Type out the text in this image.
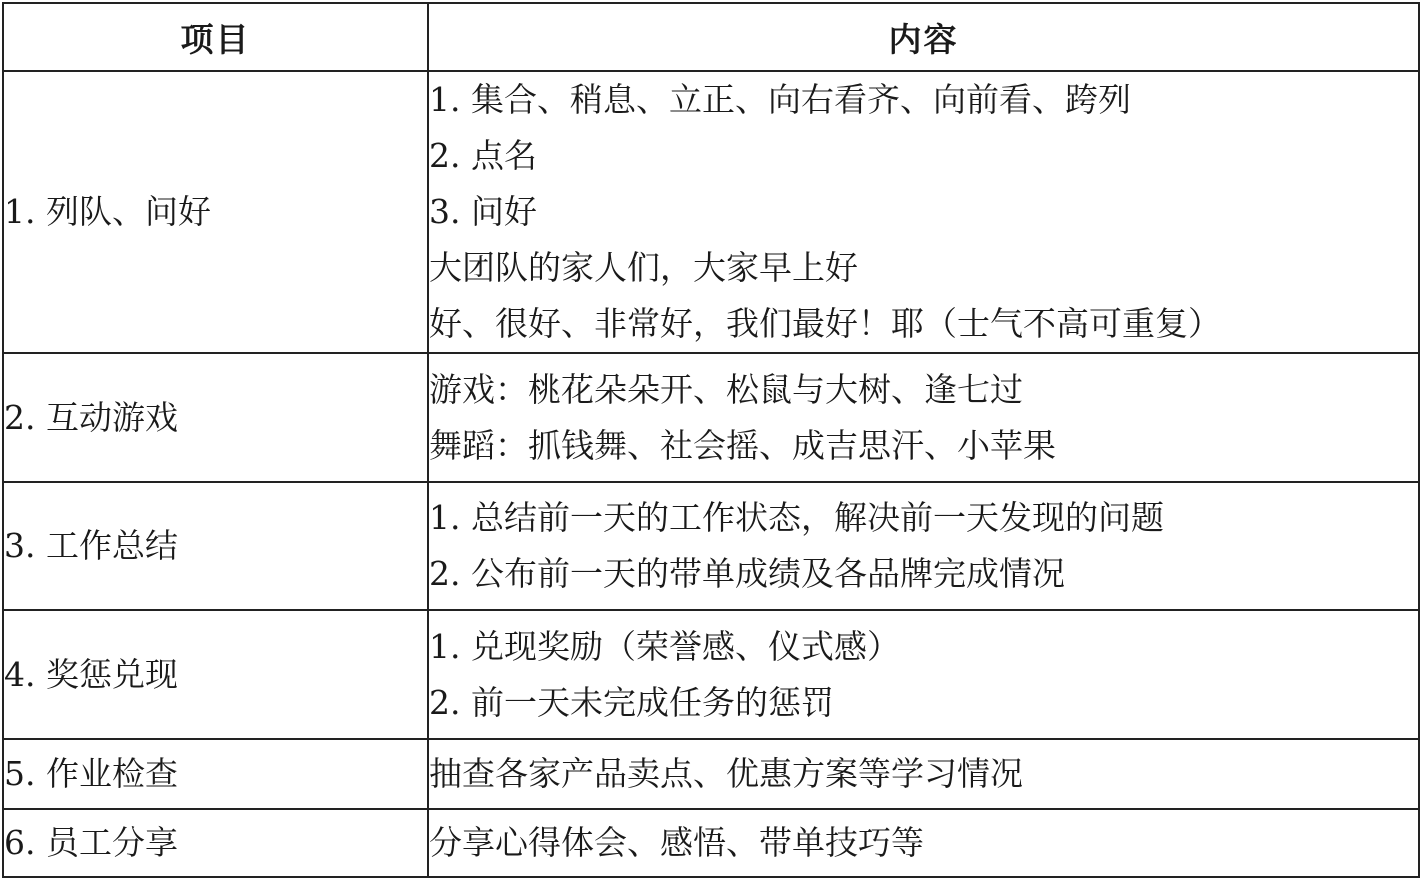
项目	内容
1. 列队、问好	1. 集合、稍息、立正、向右看齐、向前看、跨列
2. 点名
3. 问好
大团队的家人们，大家早上好
好、很好、非常好，我们最好！耶（士气不高可重复）

2. 互动游戏	游戏：桃花朵朵开、松鼠与大树、逢七过
舞蹈：抓钱舞、社会摇、成吉思汗、小苹果

3. 工作总结	1. 总结前一天的工作状态，解决前一天发现的问题
2. 公布前一天的带单成绩及各品牌完成情况

4. 奖惩兑现	1. 兑现奖励（荣誉感、仪式感）
2. 前一天未完成任务的惩罚

5. 作业检查	抽查各家产品卖点、优惠方案等学习情况

6. 员工分享	分享心得体会、感悟、带单技巧等
